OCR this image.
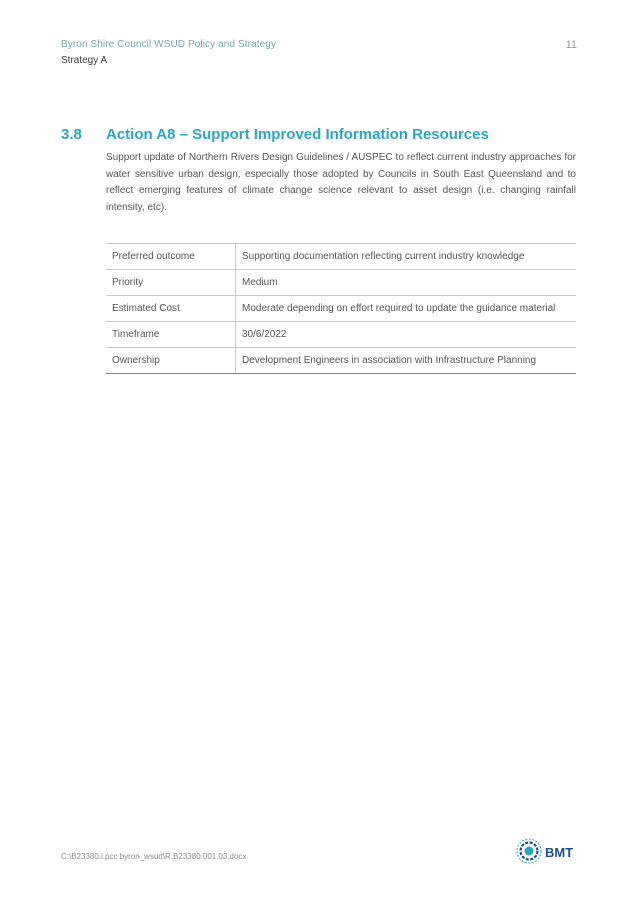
Byron Shire Council WSUD Policy and Strategy
Strategy A
11
3.8 Action A8 – Support Improved Information Resources
Support update of Northern Rivers Design Guidelines / AUSPEC to reflect current industry approaches for water sensitive urban design, especially those adopted by Councils in South East Queensland and to reflect emerging features of climate change science relevant to asset design (i.e. changing rainfall intensity, etc).
Preferred outcome	Supporting documentation reflecting current industry knowledge
Priority	Medium
Estimated Cost	Moderate depending on effort required to update the guidance material
Timeframe	30/6/2022
Ownership	Development Engineers in association with Infrastructure Planning
C:\B23380.i.pcc byron_wsud\R.B23380.001.03.docx	BMT
